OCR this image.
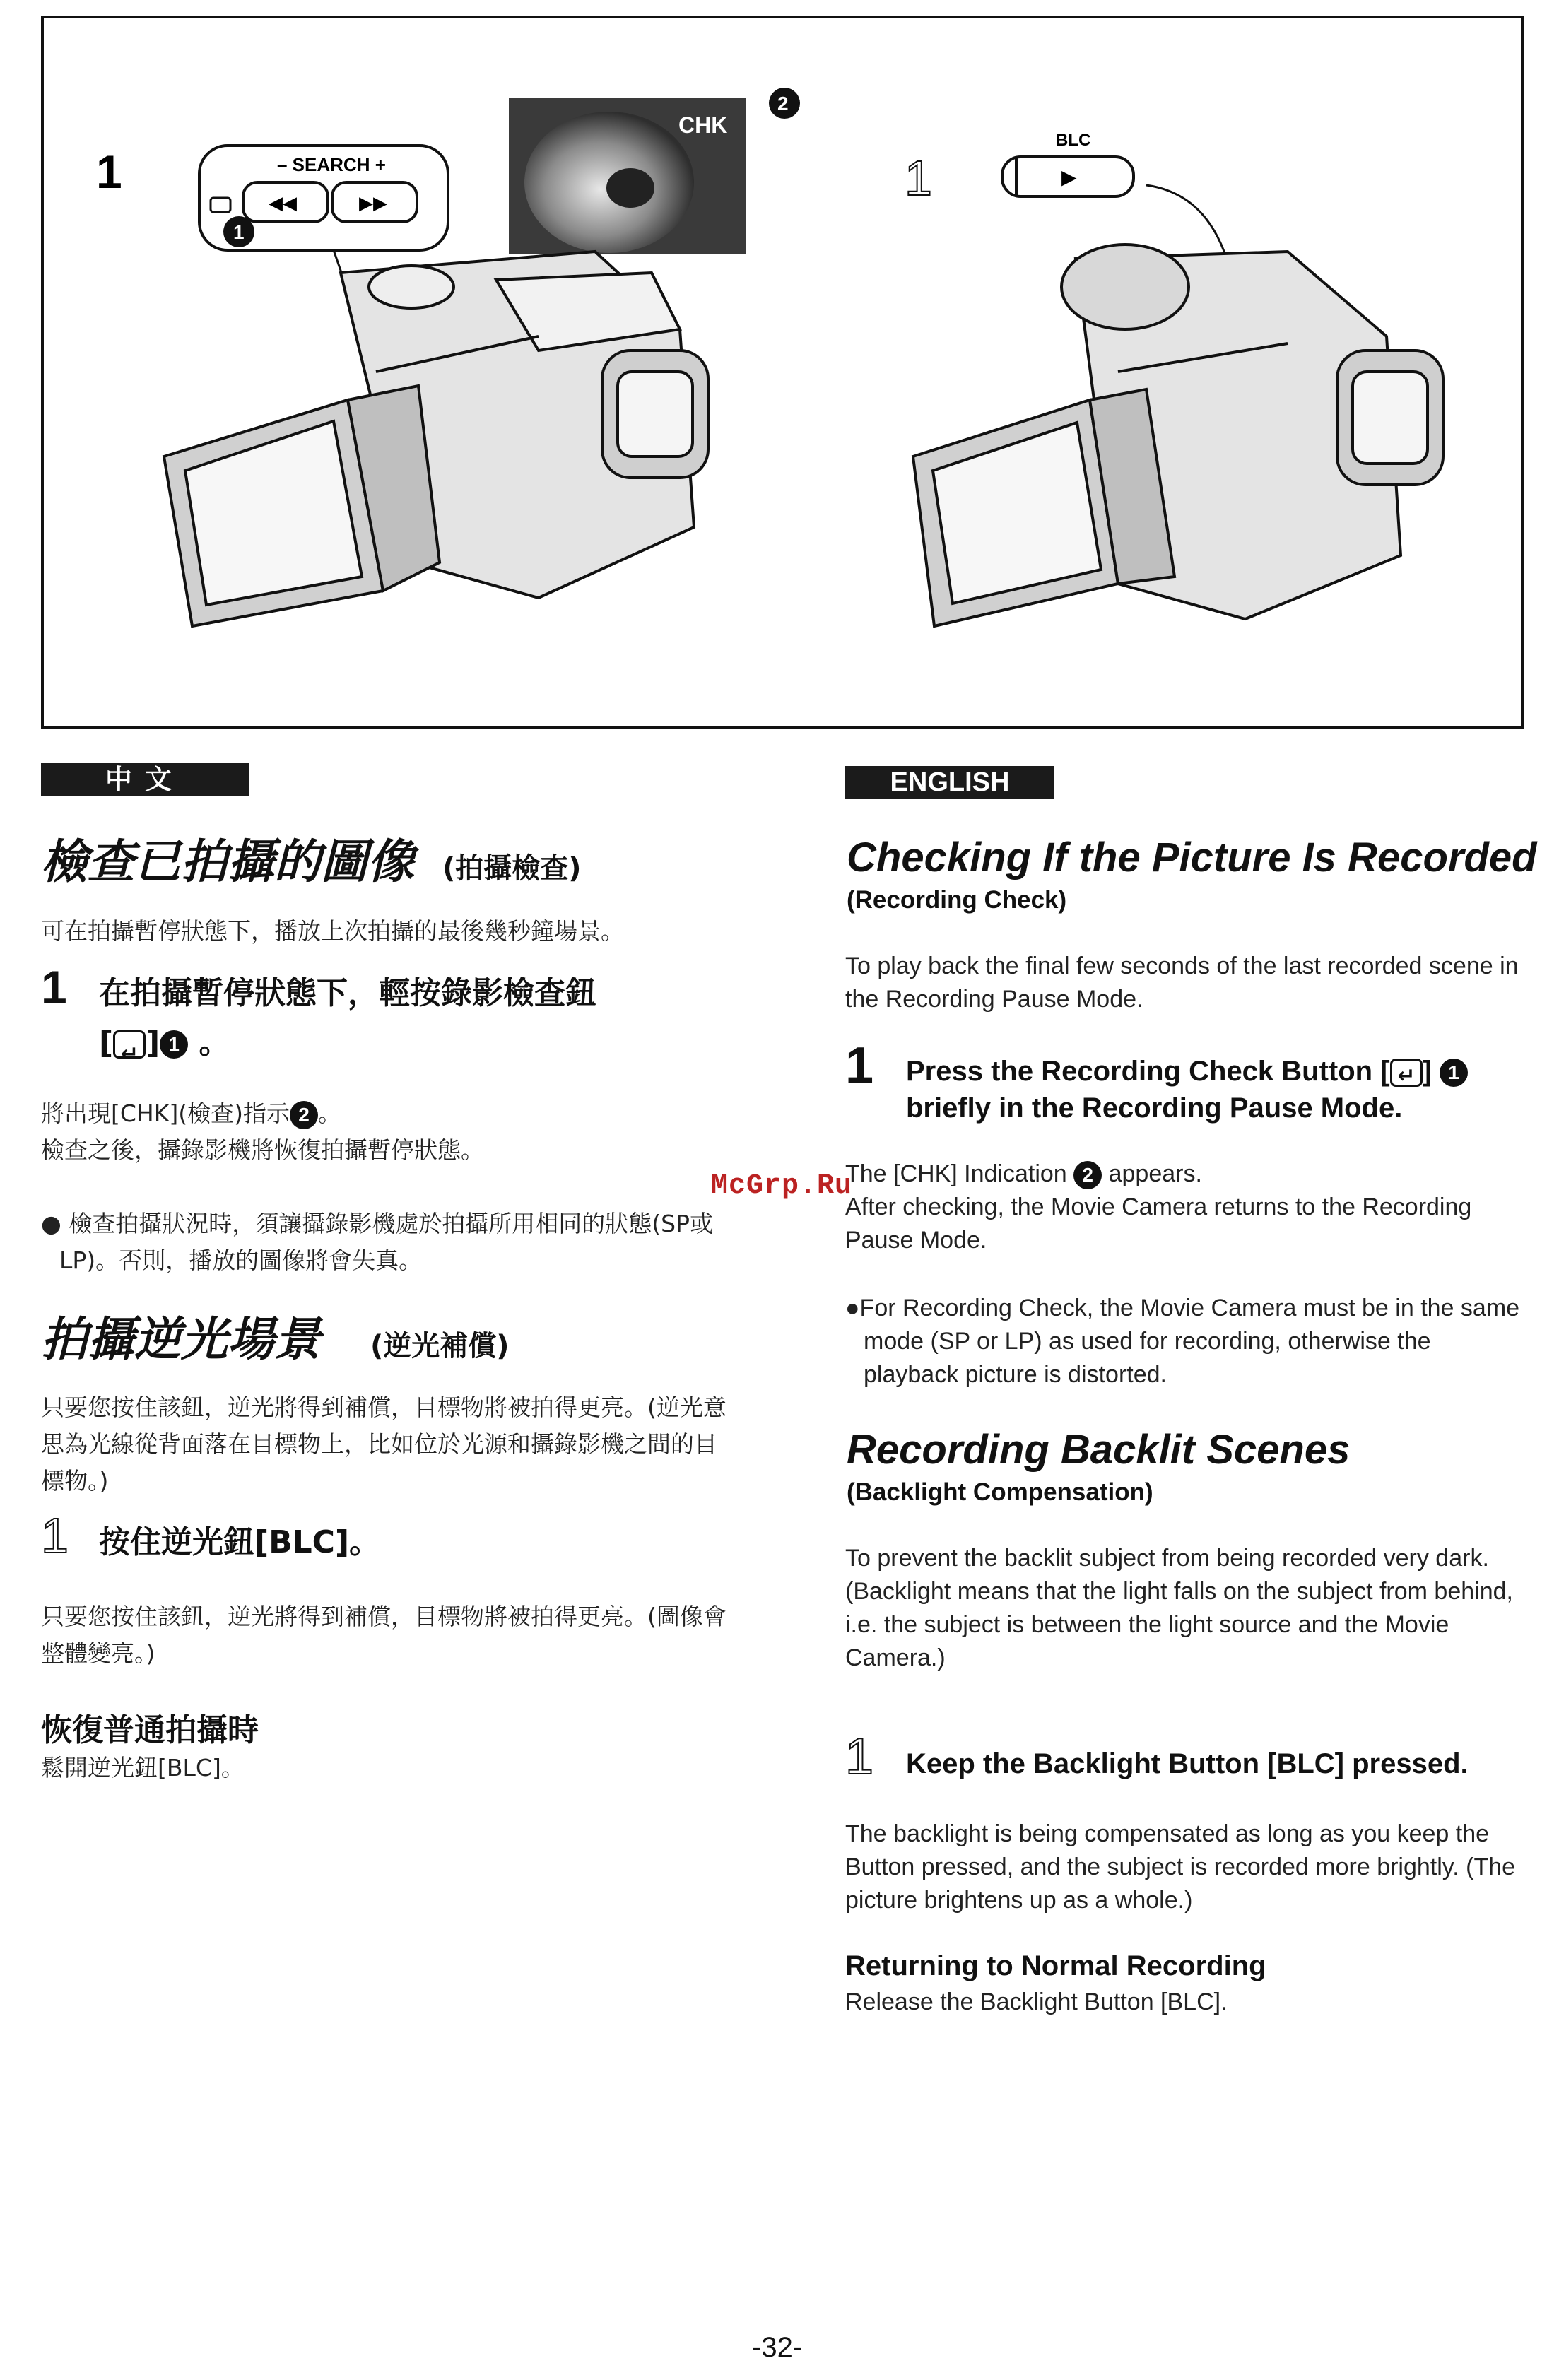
1	– SEARCH +
◀◀	▶▶
1
CHK
2
1
BLC
▶
中文	ENGLISH
檢查已拍攝的圖像 (拍攝檢查)
可在拍攝暫停狀態下，播放上次拍攝的最後幾秒鐘場景。
1 在拍攝暫停狀態下，輕按錄影檢查鈕
[ ↵ ] 1 。
將出現[CHK](檢查)指示 2 。
檢查之後，攝錄影機將恢復拍攝暫停狀態。
● 檢查拍攝狀況時，須讓攝錄影機處於拍攝所用相同的狀態(SP或LP)。否則，播放的圖像將會失真。
拍攝逆光場景 (逆光補償)
只要您按住該鈕，逆光將得到補償，目標物將被拍得更亮。(逆光意思為光線從背面落在目標物上，比如位於光源和攝錄影機之間的目標物。)
1 按住逆光鈕[BLC]。
只要您按住該鈕，逆光將得到補償，目標物將被拍得更亮。(圖像會整體變亮。)
恢復普通拍攝時
鬆開逆光鈕[BLC]。
Checking If the Picture Is Recorded
(Recording Check)
To play back the final few seconds of the last recorded scene in the Recording Pause Mode.
1 Press the Recording Check Button [ ↵ ] 1
briefly in the Recording Pause Mode.
The [CHK] Indication 2 appears.
After checking, the Movie Camera returns to the Recording Pause Mode.
●For Recording Check, the Movie Camera must be in the same mode (SP or LP) as used for recording, otherwise the playback picture is distorted.
Recording Backlit Scenes
(Backlight Compensation)
To prevent the backlit subject from being recorded very dark.
(Backlight means that the light falls on the subject from behind, i.e. the subject is between the light source and the Movie Camera.)
1 Keep the Backlight Button [BLC] pressed.
The backlight is being compensated as long as you keep the Button pressed, and the subject is recorded more brightly. (The picture brightens up as a whole.)
Returning to Normal Recording
Release the Backlight Button [BLC].
McGrp.Ru
-32-
